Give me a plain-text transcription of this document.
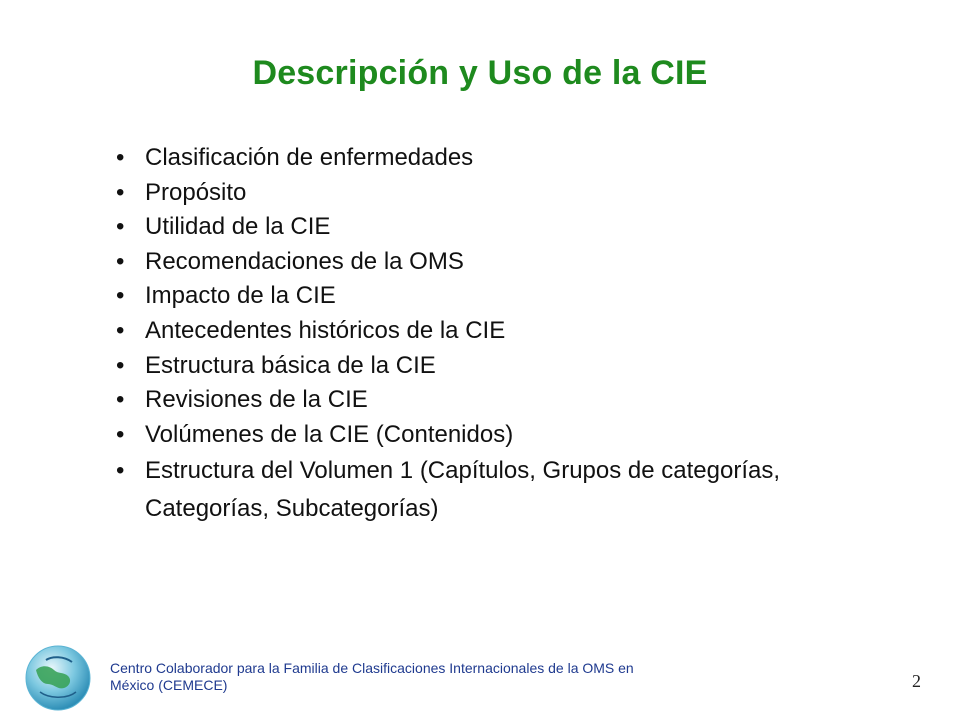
Descripción y Uso de la CIE
• Clasificación de enfermedades
• Propósito
• Utilidad de la CIE
• Recomendaciones de la OMS
• Impacto de la CIE
• Antecedentes históricos de la CIE
• Estructura básica de la CIE
• Revisiones de la CIE
• Volúmenes de la CIE (Contenidos)
• Estructura del Volumen 1 (Capítulos, Grupos de categorías, Categorías, Subcategorías)
Centro Colaborador para la Familia de Clasificaciones Internacionales de la OMS en México (CEMECE)	2
